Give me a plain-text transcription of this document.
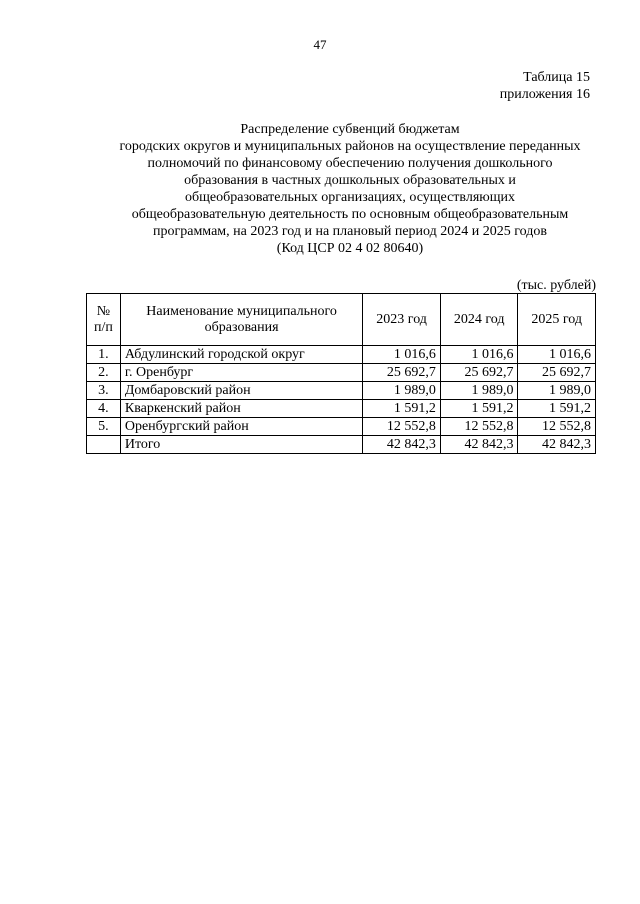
47
Таблица 15
приложения 16
Распределение субвенций бюджетам
городских округов и муниципальных районов на осуществление переданных
полномочий по финансовому обеспечению получения дошкольного
образования в частных дошкольных образовательных и
общеобразовательных организациях, осуществляющих
общеобразовательную деятельность по основным общеобразовательным
программам, на 2023 год и на плановый период 2024 и 2025 годов
(Код ЦСР 02 4 02 80640)
(тыс. рублей)
№ п/п	Наименование муниципального образования	2023 год	2024 год	2025 год
1.	Абдулинский городской округ	1 016,6	1 016,6	1 016,6
2.	г. Оренбург	25 692,7	25 692,7	25 692,7
3.	Домбаровский район	1 989,0	1 989,0	1 989,0
4.	Кваркенский район	1 591,2	1 591,2	1 591,2
5.	Оренбургский район	12 552,8	12 552,8	12 552,8
	Итого	42 842,3	42 842,3	42 842,3
